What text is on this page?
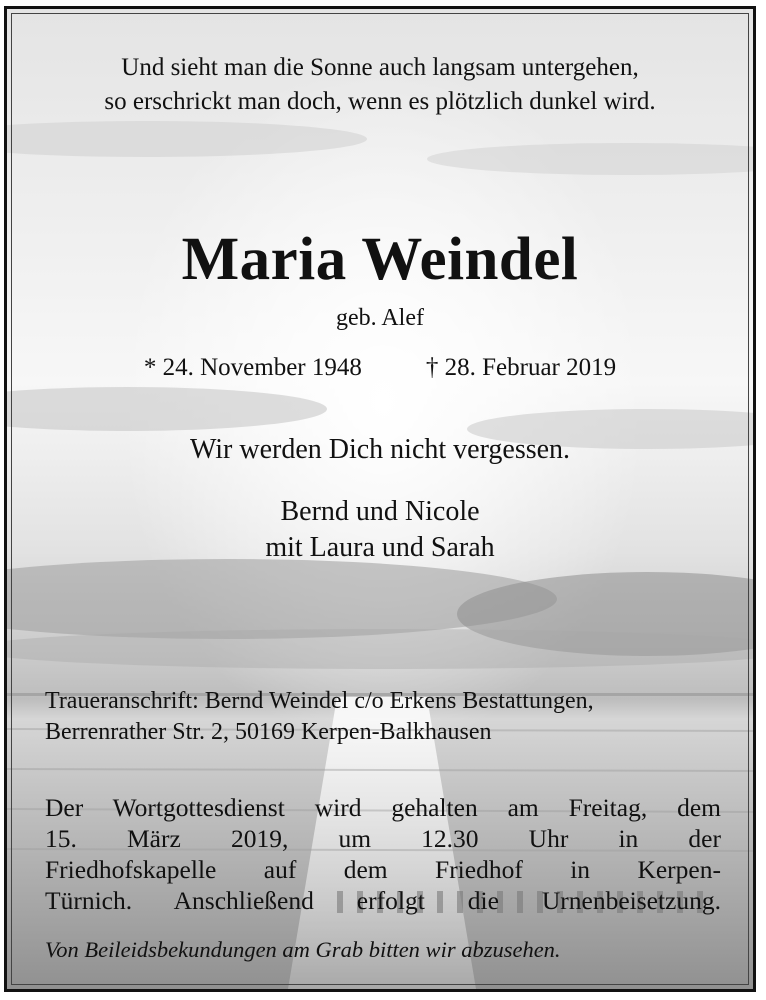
Und sieht man die Sonne auch langsam untergehen,
so erschrickt man doch, wenn es plötzlich dunkel wird.
Maria Weindel
geb. Alef
* 24. November 1948	† 28. Februar 2019
Wir werden Dich nicht vergessen.
Bernd und Nicole
mit Laura und Sarah
Traueranschrift: Bernd Weindel c/o Erkens Bestattungen,
Berrenrather Str. 2, 50169 Kerpen-Balkhausen
Der Wortgottesdienst wird gehalten am Freitag, dem
15. März 2019, um 12.30 Uhr in der
Friedhofskapelle auf dem Friedhof in Kerpen-
Türnich. Anschließend erfolgt die Urnenbeisetzung.
Von Beileidsbekundungen am Grab bitten wir abzusehen.
